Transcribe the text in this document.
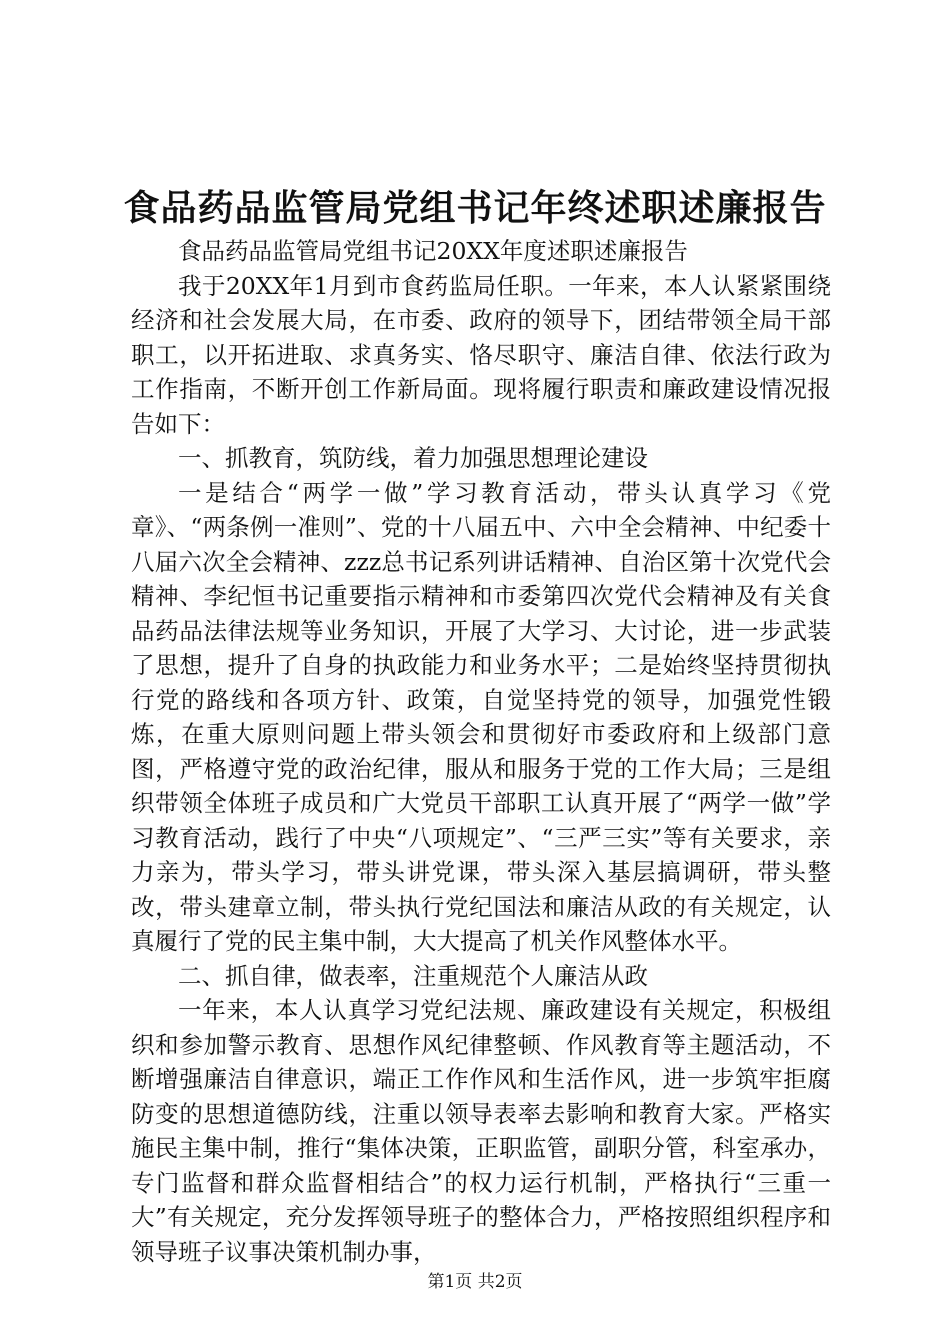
食品药品监管局党组书记年终述职述廉报告

食品药品监管局党组书记20XX年度述职述廉报告

我于20XX年1月到市食药监局任职。一年来，本人认紧紧围绕经济和社会发展大局，在市委、政府的领导下，团结带领全局干部职工，以开拓进取、求真务实、恪尽职守、廉洁自律、依法行政为工作指南，不断开创工作新局面。现将履行职责和廉政建设情况报告如下：

一、抓教育，筑防线，着力加强思想理论建设

一是结合“两学一做”学习教育活动，带头认真学习《党章》、“两条例一准则”、党的十八届五中、六中全会精神、中纪委十八届六次全会精神、zzz总书记系列讲话精神、自治区第十次党代会精神、李纪恒书记重要指示精神和市委第四次党代会精神及有关食品药品法律法规等业务知识，开展了大学习、大讨论，进一步武装了思想，提升了自身的执政能力和业务水平；二是始终坚持贯彻执行党的路线和各项方针、政策，自觉坚持党的领导，加强党性锻炼，在重大原则问题上带头领会和贯彻好市委政府和上级部门意图，严格遵守党的政治纪律，服从和服务于党的工作大局；三是组织带领全体班子成员和广大党员干部职工认真开展了“两学一做”学习教育活动，践行了中央“八项规定”、“三严三实”等有关要求，亲力亲为，带头学习，带头讲党课，带头深入基层搞调研，带头整改，带头建章立制，带头执行党纪国法和廉洁从政的有关规定，认真履行了党的民主集中制，大大提高了机关作风整体水平。

二、抓自律，做表率，注重规范个人廉洁从政

一年来，本人认真学习党纪法规、廉政建设有关规定，积极组织和参加警示教育、思想作风纪律整顿、作风教育等主题活动，不断增强廉洁自律意识，端正工作作风和生活作风，进一步筑牢拒腐防变的思想道德防线，注重以领导表率去影响和教育大家。严格实施民主集中制，推行“集体决策，正职监管，副职分管，科室承办，专门监督和群众监督相结合”的权力运行机制，严格执行“三重一大”有关规定，充分发挥领导班子的整体合力，严格按照组织程序和领导班子议事决策机制办事，

第1页 共2页
